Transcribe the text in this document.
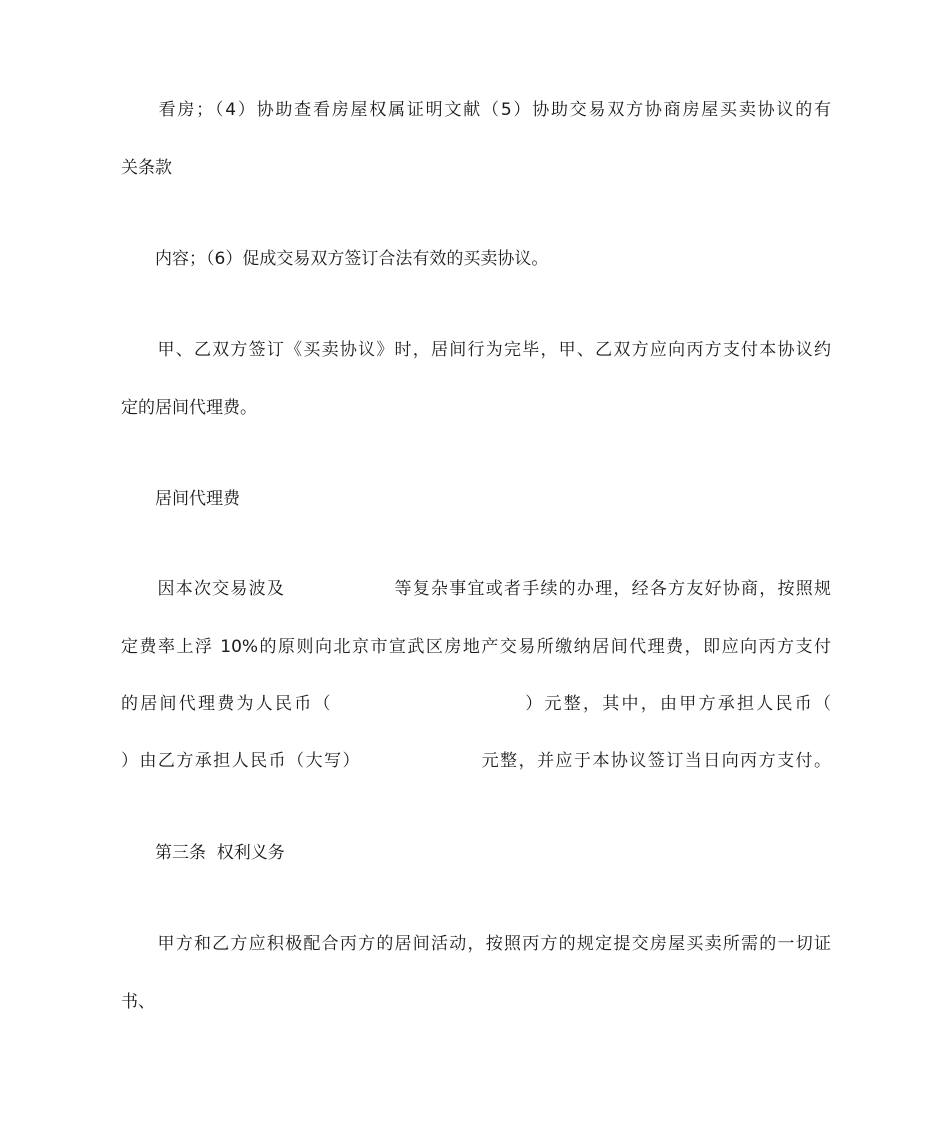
　　看房；（4）协助查看房屋权属证明文献（5）协助交易双方协商房屋买卖协议的有
关条款
　　内容；（6）促成交易双方签订合法有效的买卖协议。
　　甲、乙双方签订《买卖协议》时，居间行为完毕，甲、乙双方应向丙方支付本协议约
定的居间代理费。
　　居间代理费
　　因本次交易波及　　　　　　等复杂事宜或者手续的办理，经各方友好协商，按照规
定费率上浮 10%的原则向北京市宣武区房地产交易所缴纳居间代理费，即应向丙方支付
的居间代理费为人民币（　　　　　　　　　　）元整，其中，由甲方承担人民币（
）由乙方承担人民币（大写）　　　　　　　元整，并应于本协议签订当日向丙方支付。
　　第三条  权利义务
　　甲方和乙方应积极配合丙方的居间活动，按照丙方的规定提交房屋买卖所需的一切证
书、
